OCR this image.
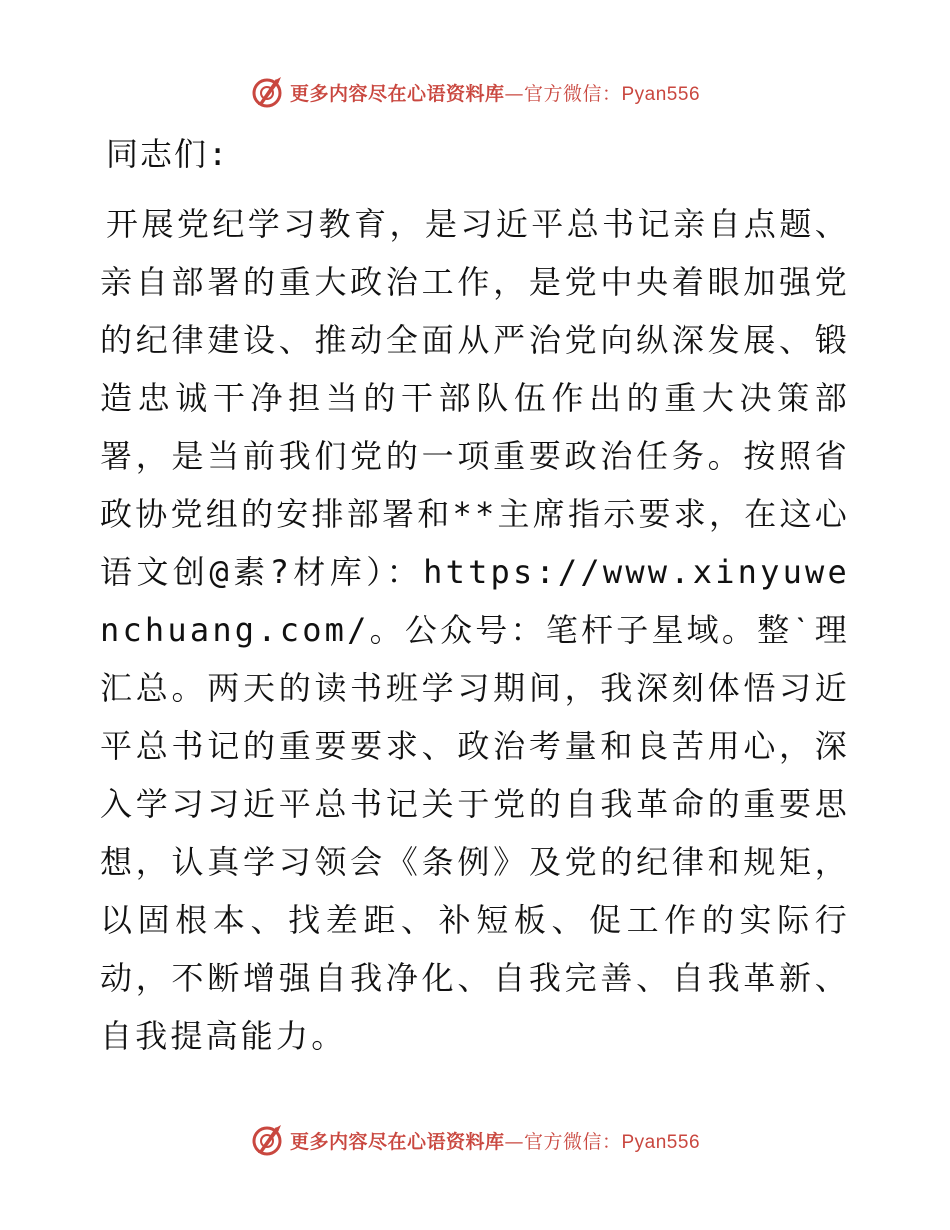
更多内容尽在心语资料库—官方微信：Pyan556

同志们:

开展党纪学习教育，是习近平总书记亲自点题、亲自部署的重大政治工作，是党中央着眼加强党的纪律建设、推动全面从严治党向纵深发展、锻造忠诚干净担当的干部队伍作出的重大决策部署，是当前我们党的一项重要政治任务。按照省政协党组的安排部署和**主席指示要求，在这心语文创@素?材库）：https://www.xinyuwenchuang.com/。公众号：笔杆子星域。整ˋ理汇总。两天的读书班学习期间，我深刻体悟习近平总书记的重要要求、政治考量和良苦用心，深入学习习近平总书记关于党的自我革命的重要思想，认真学习领会《条例》及党的纪律和规矩，以固根本、找差距、补短板、促工作的实际行动，不断增强自我净化、自我完善、自我革新、自我提高能力。

更多内容尽在心语资料库—官方微信：Pyan556
